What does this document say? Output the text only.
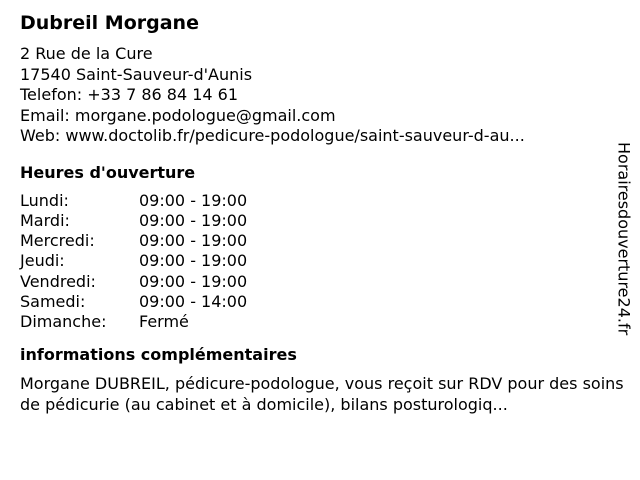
Dubreil Morgane
2 Rue de la Cure
17540 Saint-Sauveur-d'Aunis
Telefon: +33 7 86 84 14 61
Email: morgane.podologue@gmail.com
Web: www.doctolib.fr/pedicure-podologue/saint-sauveur-d-au...
Heures d'ouverture
Lundi:	09:00 - 19:00
Mardi:	09:00 - 19:00
Mercredi:	09:00 - 19:00
Jeudi:	09:00 - 19:00
Vendredi:	09:00 - 19:00
Samedi:	09:00 - 14:00
Dimanche:	Fermé
informations complémentaires
Morgane DUBREIL, pédicure-podologue, vous reçoit sur RDV pour des soins de pédicurie (au cabinet et à domicile), bilans posturologiq...
Horairesdouverture24.fr
